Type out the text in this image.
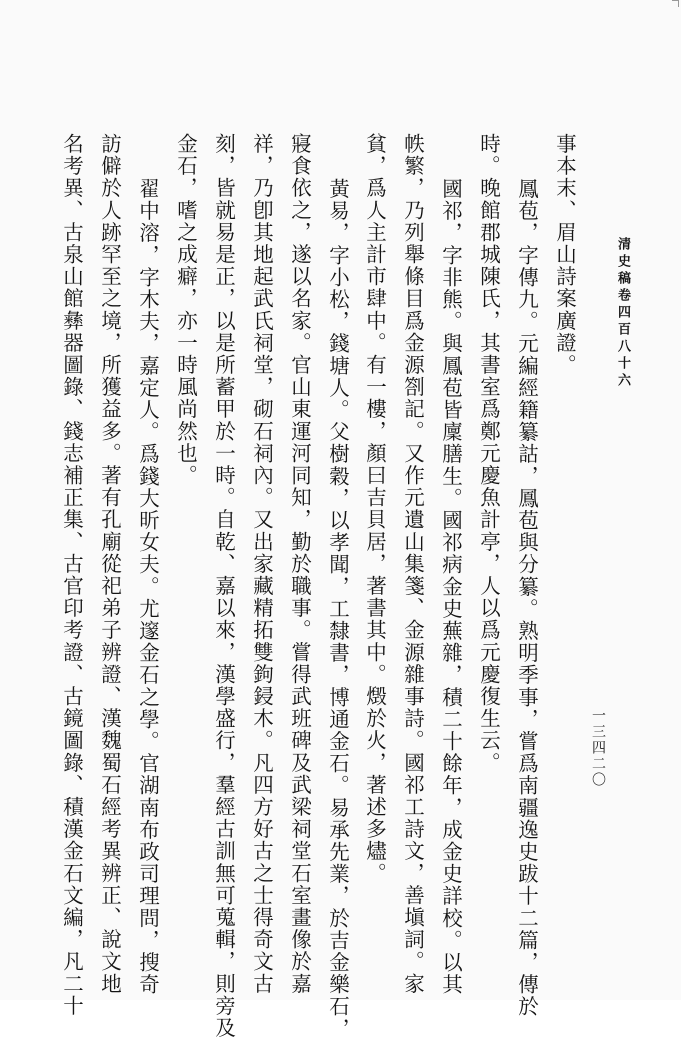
清史稿卷四百八十六
一三四二〇
事本末、眉山詩案廣證。
鳳苞，字傳九。元編經籍纂詁，鳳苞與分纂。熟明季事，嘗爲南疆逸史跋十二篇，傳於
時。晚館郡城陳氏，其書室爲鄭元慶魚計亭，人以爲元慶復生云。
國祁，字非熊。與鳳苞皆廩膳生。國祁病金史蕪雜，積二十餘年，成金史詳校。以其
帙繁，乃列舉條目爲金源劄記。又作元遺山集箋、金源雜事詩。國祁工詩文，善塡詞。家
貧，爲人主計市肆中。有一樓，顏曰吉貝居，著書其中。燬於火，著述多燼。
黃易，字小松，錢塘人。父樹穀，以孝聞，工隸書，博通金石。易承先業，於吉金樂石，
寢食依之，遂以名家。官山東運河同知，勤於職事。嘗得武班碑及武梁祠堂石室畫像於嘉
祥，乃卽其地起武氏祠堂，砌石祠內。又出家藏精拓雙鉤鋟木。凡四方好古之士得奇文古
刻，皆就易是正，以是所蓄甲於一時。自乾、嘉以來，漢學盛行，羣經古訓無可蒐輯，則旁及
金石，嗜之成癖，亦一時風尚然也。
翟中溶，字木夫，嘉定人。爲錢大昕女夫。尤邃金石之學。官湖南布政司理問，搜奇
訪僻於人跡罕至之境，所獲益多。著有孔廟從祀弟子辨證、漢魏蜀石經考異辨正、說文地
名考異、古泉山館彝器圖錄、錢志補正集、古官印考證、古鏡圖錄、積漢金石文編，凡二十
